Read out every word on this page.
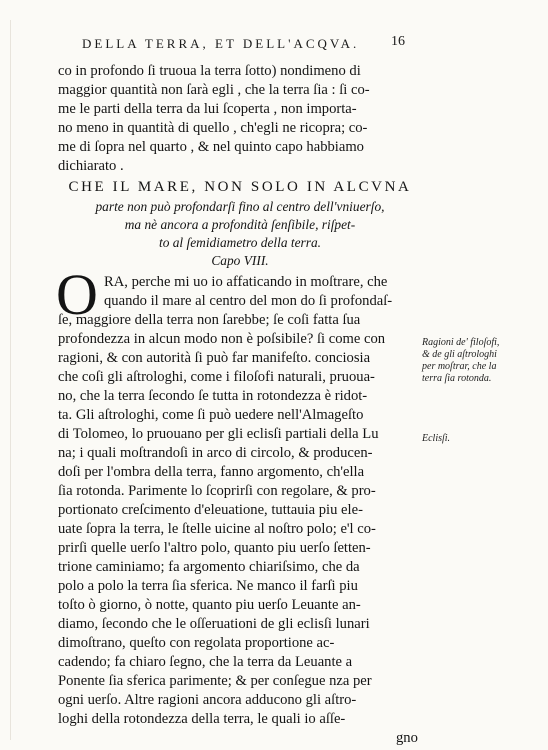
DELLA TERRA, ET DELL'ACQVA.	16
co in profondo ſi truoua la terra ſotto) nondimeno di
maggior quantità non ſarà egli , che la terra ſia : ſi co-
me le parti della terra da lui ſcoperta , non importa-
no meno in quantità di quello , ch'egli ne ricopra; co-
me di ſopra nel quarto , & nel quinto capo habbiamo
dichiarato .
CHE IL MARE, NON SOLO IN ALCVNA
parte non può profondarſi fino al centro dell'vniuerſo,
ma nè ancora a profondità ſenſibile, riſpet-
to al ſemidiametro della terra.
Capo VIII.
O RA, perche mi uo io affaticando in moſtrare, che
quando il mare al centro del mon do ſi profondaſ-
ſe, maggiore della terra non ſarebbe; ſe coſi fatta ſua
profondezza in alcun modo non è poſsibile? ſi come con
ragioni, & con autorità ſi può far manifeſto. conciosia
che coſi gli aſtrologhi, come i filoſofi naturali, pruoua-
no, che la terra ſecondo ſe tutta in rotondezza è ridot-
ta. Gli aſtrologhi, come ſi può uedere nell'Almageſto
di Tolomeo, lo pruouano per gli eclisſi partiali della Lu
na; i quali moſtrandoſi in arco di circolo, & producen-
doſi per l'ombra della terra, fanno argomento, ch'ella
ſia rotonda. Parimente lo ſcoprirſi con regolare, & pro-
portionato creſcimento d'eleuatione, tuttauia piu ele-
uate ſopra la terra, le ſtelle uicine al noſtro polo; e'l co-
prirſi quelle uerſo l'altro polo, quanto piu uerſo ſetten-
trione caminiamo; fa argomento chiariſsimo, che da
polo a polo la terra ſia sferica. Ne manco il farſi piu
toſto ò giorno, ò notte, quanto piu uerſo Leuante an-
diamo, ſecondo che le oſſeruationi de gli eclisſi lunari
dimoſtrano, queſto con regolata proportione ac-
cadendo; fa chiaro ſegno, che la terra da Leuante a
Ponente ſia sferica parimente; & per conſegue nza per
ogni uerſo. Altre ragioni ancora adducono gli aſtro-
loghi della rotondezza della terra, le quali io aſſe-
gno
Ragioni de' filoſofi, & de gli aſtrologhi per moſtrar, che la terra ſia rotonda.
Eclisſi.
